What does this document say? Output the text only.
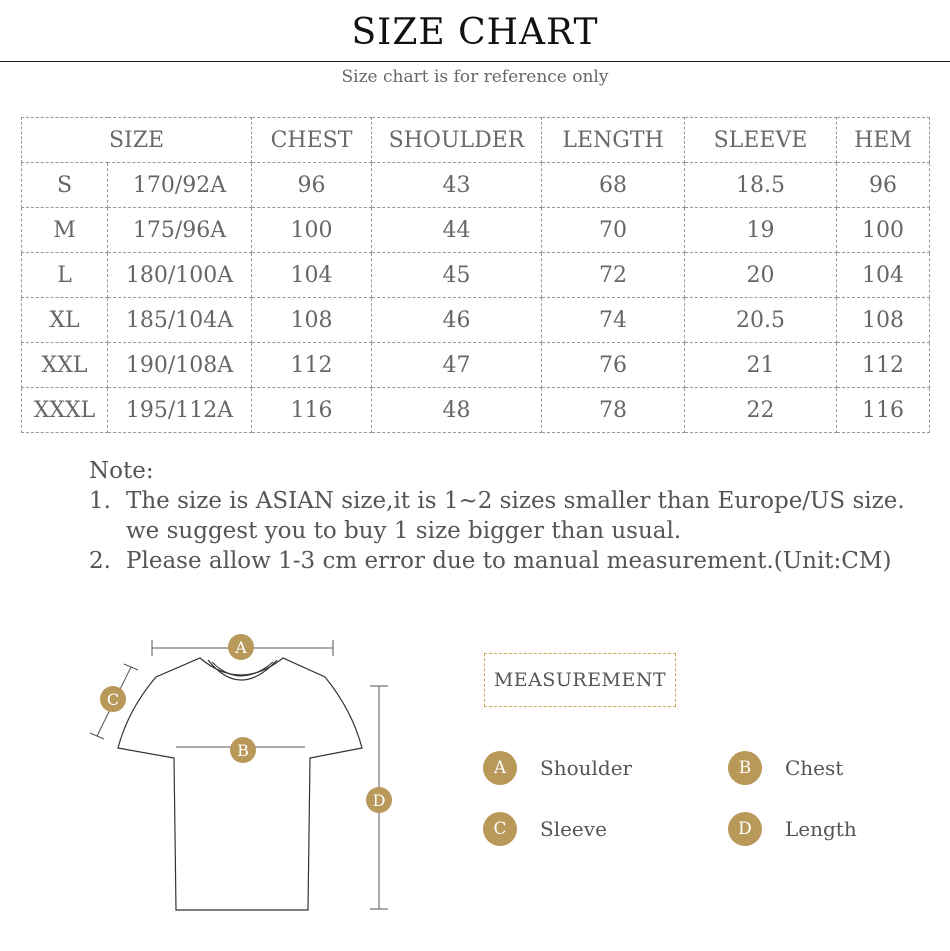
SIZE CHART
Size chart is for reference only
SIZE		CHEST	SHOULDER	LENGTH	SLEEVE	HEM
S	170/92A	96	43	68	18.5	96
M	175/96A	100	44	70	19	100
L	180/100A	104	45	72	20	104
XL	185/104A	108	46	74	20.5	108
XXL	190/108A	112	47	76	21	112
XXXL	195/112A	116	48	78	22	116
Note:
1. The size is ASIAN size,it is 1~2 sizes smaller than Europe/US size.
we suggest you to buy 1 size bigger than usual.
2. Please allow 1-3 cm error due to manual measurement.(Unit:CM)
A
B
C
D
MEASUREMENT
A	Shoulder	B	Chest
C	Sleeve	D	Length
